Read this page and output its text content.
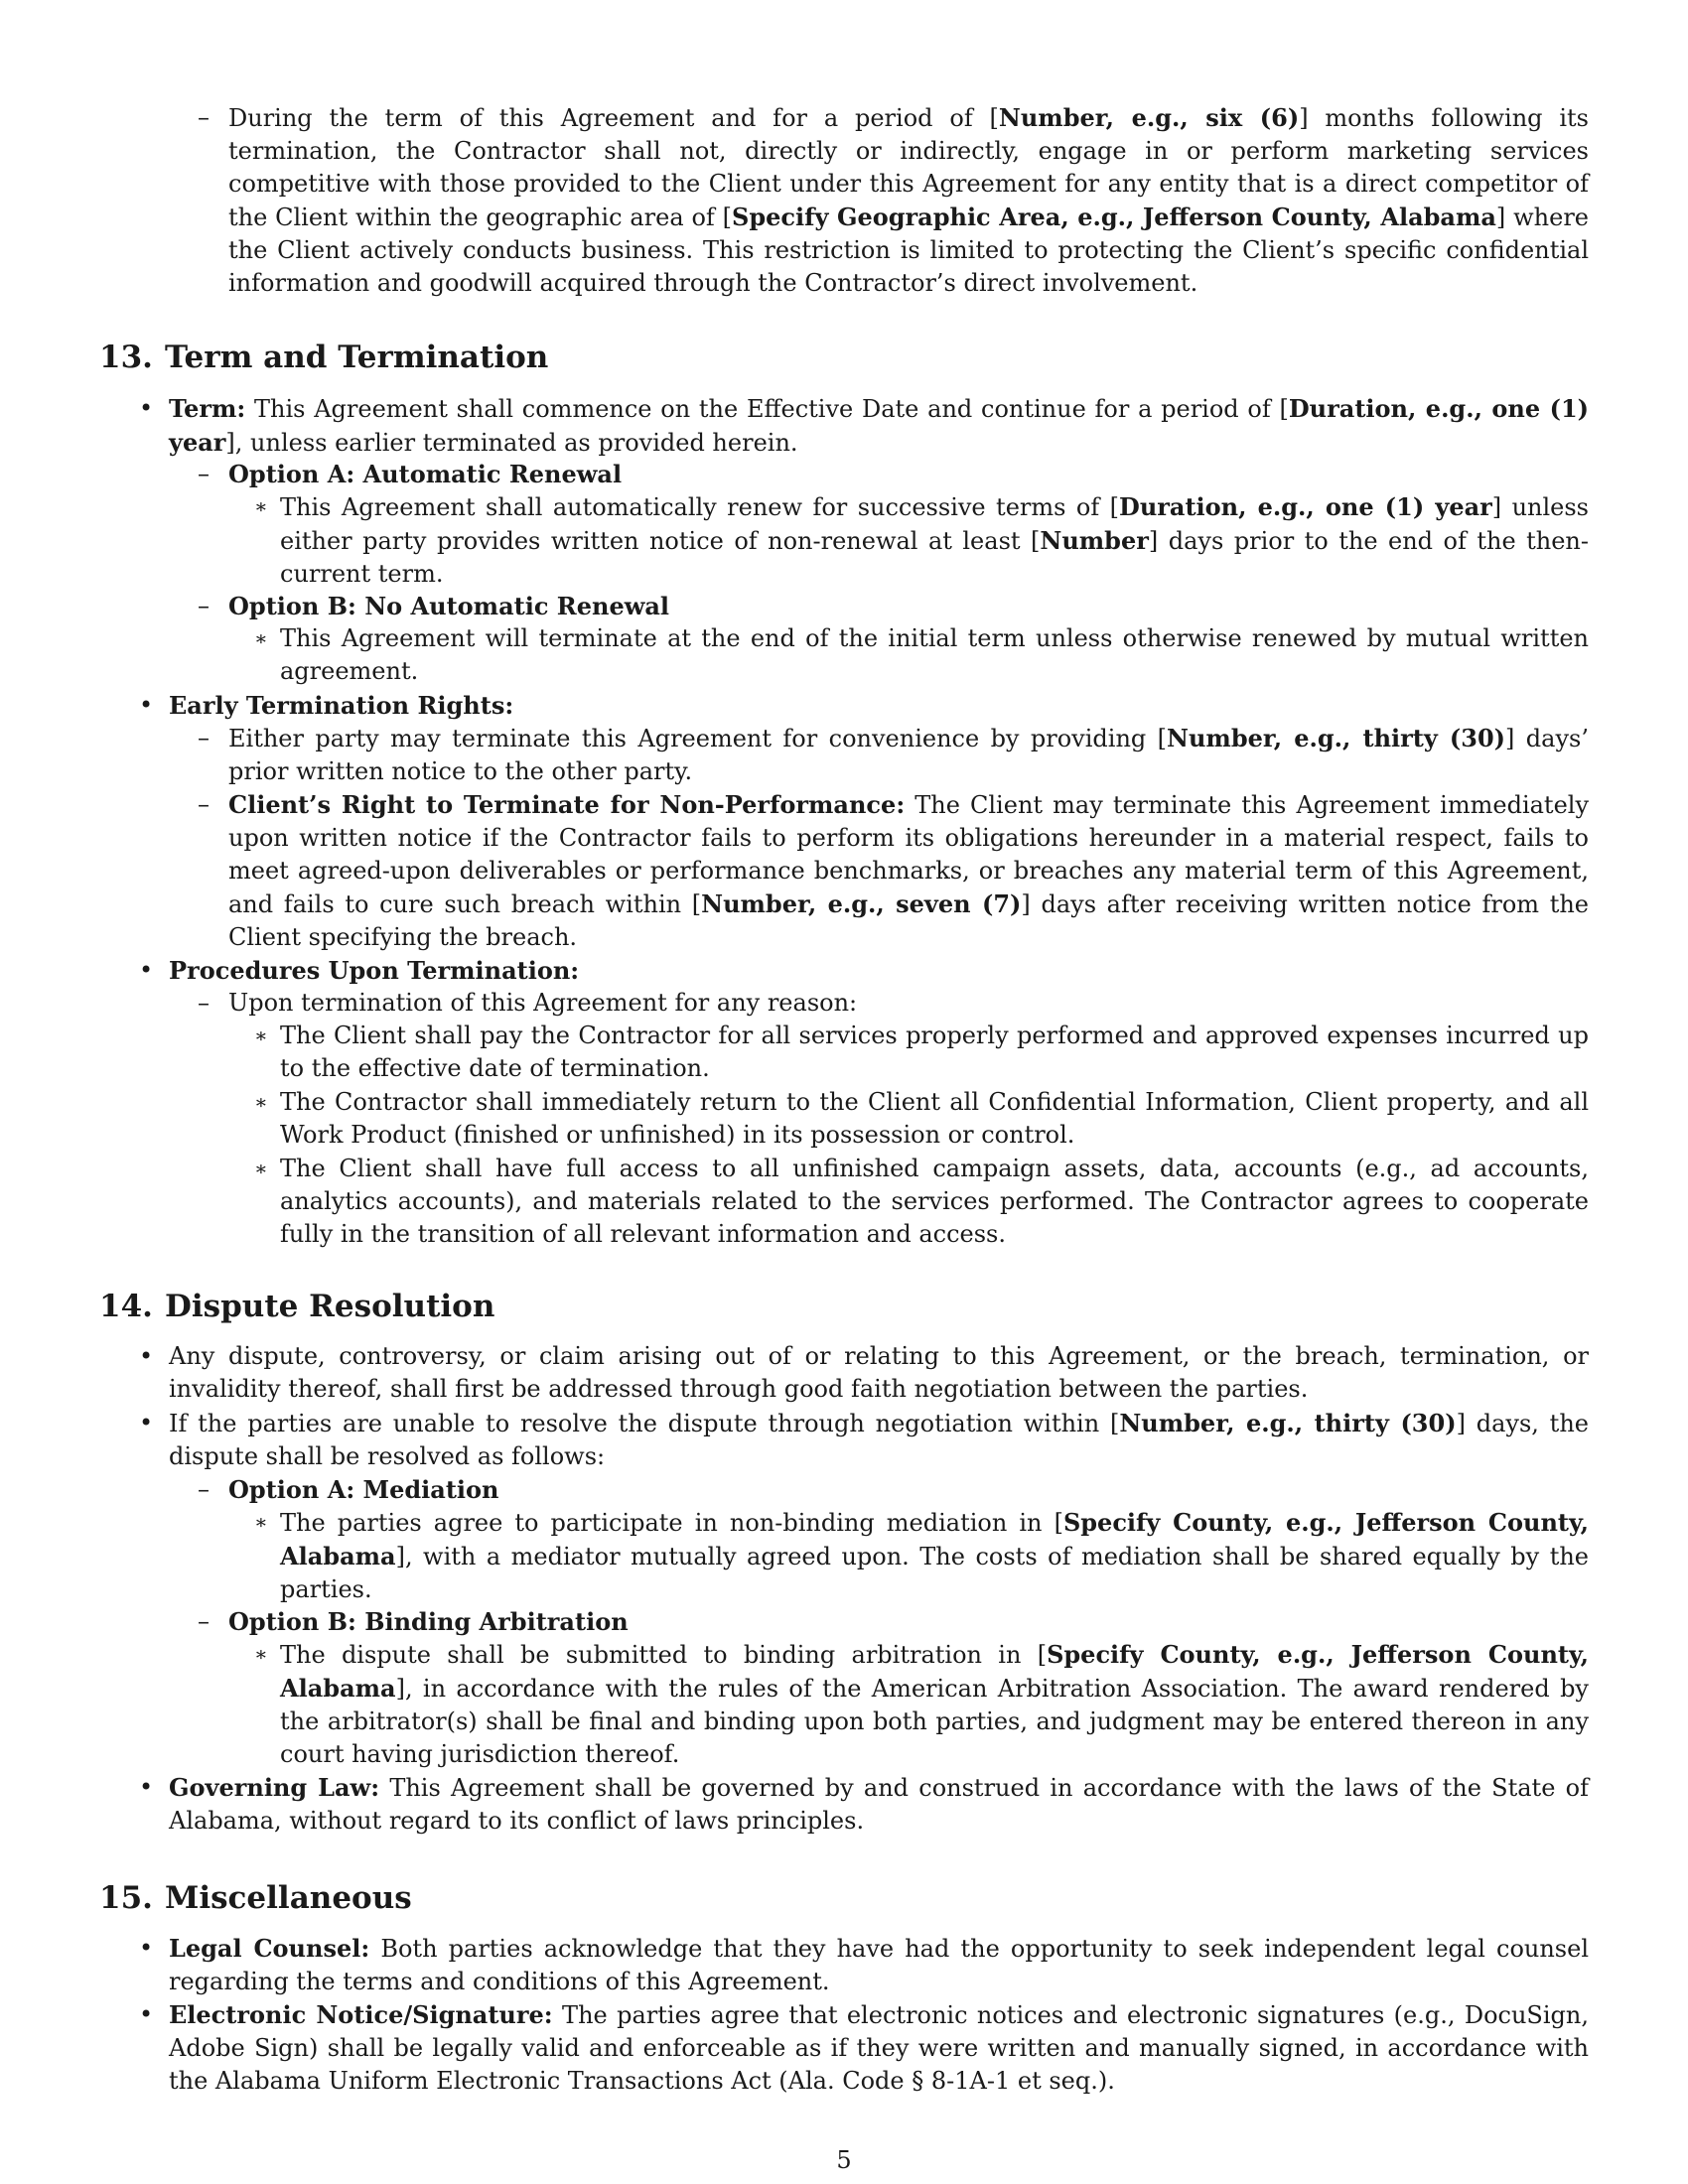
– During the term of this Agreement and for a period of [Number, e.g., six (6)] months following its termination, the Contractor shall not, directly or indirectly, engage in or perform marketing services competitive with those provided to the Client under this Agreement for any entity that is a direct competitor of the Client within the geographic area of [Specify Geographic Area, e.g., Jefferson County, Alabama] where the Client actively conducts business. This restriction is limited to protecting the Client’s specific confidential information and goodwill acquired through the Contractor’s direct involvement.

13. Term and Termination

• Term: This Agreement shall commence on the Effective Date and continue for a period of [Duration, e.g., one (1) year], unless earlier terminated as provided herein.

– Option A: Automatic Renewal

∗ This Agreement shall automatically renew for successive terms of [Duration, e.g., one (1) year] unless either party provides written notice of non-renewal at least [Number] days prior to the end of the then-current term.

– Option B: No Automatic Renewal

∗ This Agreement will terminate at the end of the initial term unless otherwise renewed by mutual written agreement.

• Early Termination Rights:

– Either party may terminate this Agreement for convenience by providing [Number, e.g., thirty (30)] days’ prior written notice to the other party.

– Client’s Right to Terminate for Non-Performance: The Client may terminate this Agreement immediately upon written notice if the Contractor fails to perform its obligations hereunder in a material respect, fails to meet agreed-upon deliverables or performance benchmarks, or breaches any material term of this Agreement, and fails to cure such breach within [Number, e.g., seven (7)] days after receiving written notice from the Client specifying the breach.

• Procedures Upon Termination:

– Upon termination of this Agreement for any reason:

∗ The Client shall pay the Contractor for all services properly performed and approved expenses incurred up to the effective date of termination.

∗ The Contractor shall immediately return to the Client all Confidential Information, Client property, and all Work Product (finished or unfinished) in its possession or control.

∗ The Client shall have full access to all unfinished campaign assets, data, accounts (e.g., ad accounts, analytics accounts), and materials related to the services performed. The Contractor agrees to cooperate fully in the transition of all relevant information and access.

14. Dispute Resolution

• Any dispute, controversy, or claim arising out of or relating to this Agreement, or the breach, termination, or invalidity thereof, shall first be addressed through good faith negotiation between the parties.

• If the parties are unable to resolve the dispute through negotiation within [Number, e.g., thirty (30)] days, the dispute shall be resolved as follows:

– Option A: Mediation

∗ The parties agree to participate in non-binding mediation in [Specify County, e.g., Jefferson County, Alabama], with a mediator mutually agreed upon. The costs of mediation shall be shared equally by the parties.

– Option B: Binding Arbitration

∗ The dispute shall be submitted to binding arbitration in [Specify County, e.g., Jefferson County, Alabama], in accordance with the rules of the American Arbitration Association. The award rendered by the arbitrator(s) shall be final and binding upon both parties, and judgment may be entered thereon in any court having jurisdiction thereof.

• Governing Law: This Agreement shall be governed by and construed in accordance with the laws of the State of Alabama, without regard to its conflict of laws principles.

15. Miscellaneous

• Legal Counsel: Both parties acknowledge that they have had the opportunity to seek independent legal counsel regarding the terms and conditions of this Agreement.

• Electronic Notice/Signature: The parties agree that electronic notices and electronic signatures (e.g., DocuSign, Adobe Sign) shall be legally valid and enforceable as if they were written and manually signed, in accordance with the Alabama Uniform Electronic Transactions Act (Ala. Code § 8-1A-1 et seq.).

5
